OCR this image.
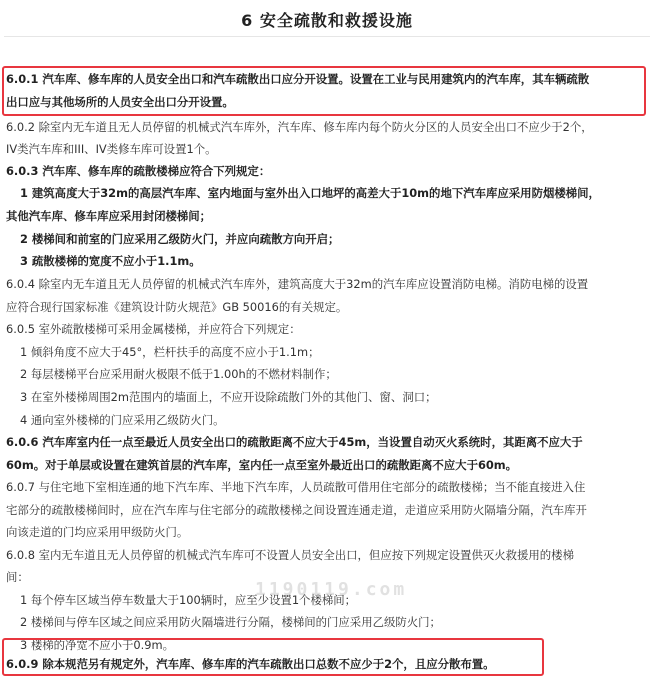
6 安全疏散和救援设施
6.0.1 汽车库、修车库的人员安全出口和汽车疏散出口应分开设置。设置在工业与民用建筑内的汽车库，其车辆疏散
出口应与其他场所的人员安全出口分开设置。
6.0.2 除室内无车道且无人员停留的机械式汽车库外，汽车库、修车库内每个防火分区的人员安全出口不应少于2个，
IV类汽车库和III、IV类修车库可设置1个。
6.0.3 汽车库、修车库的疏散楼梯应符合下列规定：
1 建筑高度大于32m的高层汽车库、室内地面与室外出入口地坪的高差大于10m的地下汽车库应采用防烟楼梯间，
其他汽车库、修车库应采用封闭楼梯间；
2 楼梯间和前室的门应采用乙级防火门，并应向疏散方向开启；
3 疏散楼梯的宽度不应小于1.1m。
6.0.4 除室内无车道且无人员停留的机械式汽车库外，建筑高度大于32m的汽车库应设置消防电梯。消防电梯的设置
应符合现行国家标准《建筑设计防火规范》GB 50016的有关规定。
6.0.5 室外疏散楼梯可采用金属楼梯，并应符合下列规定：
1 倾斜角度不应大于45°，栏杆扶手的高度不应小于1.1m；
2 每层楼梯平台应采用耐火极限不低于1.00h的不燃材料制作；
3 在室外楼梯周围2m范围内的墙面上，不应开设除疏散门外的其他门、窗、洞口；
4 通向室外楼梯的门应采用乙级防火门。
6.0.6 汽车库室内任一点至最近人员安全出口的疏散距离不应大于45m，当设置自动灭火系统时，其距离不应大于
60m。对于单层或设置在建筑首层的汽车库，室内任一点至室外最近出口的疏散距离不应大于60m。
6.0.7 与住宅地下室相连通的地下汽车库、半地下汽车库，人员疏散可借用住宅部分的疏散楼梯；当不能直接进入住
宅部分的疏散楼梯间时，应在汽车库与住宅部分的疏散楼梯之间设置连通走道，走道应采用防火隔墙分隔，汽车库开
向该走道的门均应采用甲级防火门。
6.0.8 室内无车道且无人员停留的机械式汽车库可不设置人员安全出口，但应按下列规定设置供灭火救援用的楼梯
间：
1 每个停车区域当停车数量大于100辆时，应至少设置1个楼梯间；
2 楼梯间与停车区域之间应采用防火隔墙进行分隔，楼梯间的门应采用乙级防火门；
3 楼梯的净宽不应小于0.9m。
6.0.9 除本规范另有规定外，汽车库、修车库的汽车疏散出口总数不应少于2个，且应分散布置。
1190119.com
